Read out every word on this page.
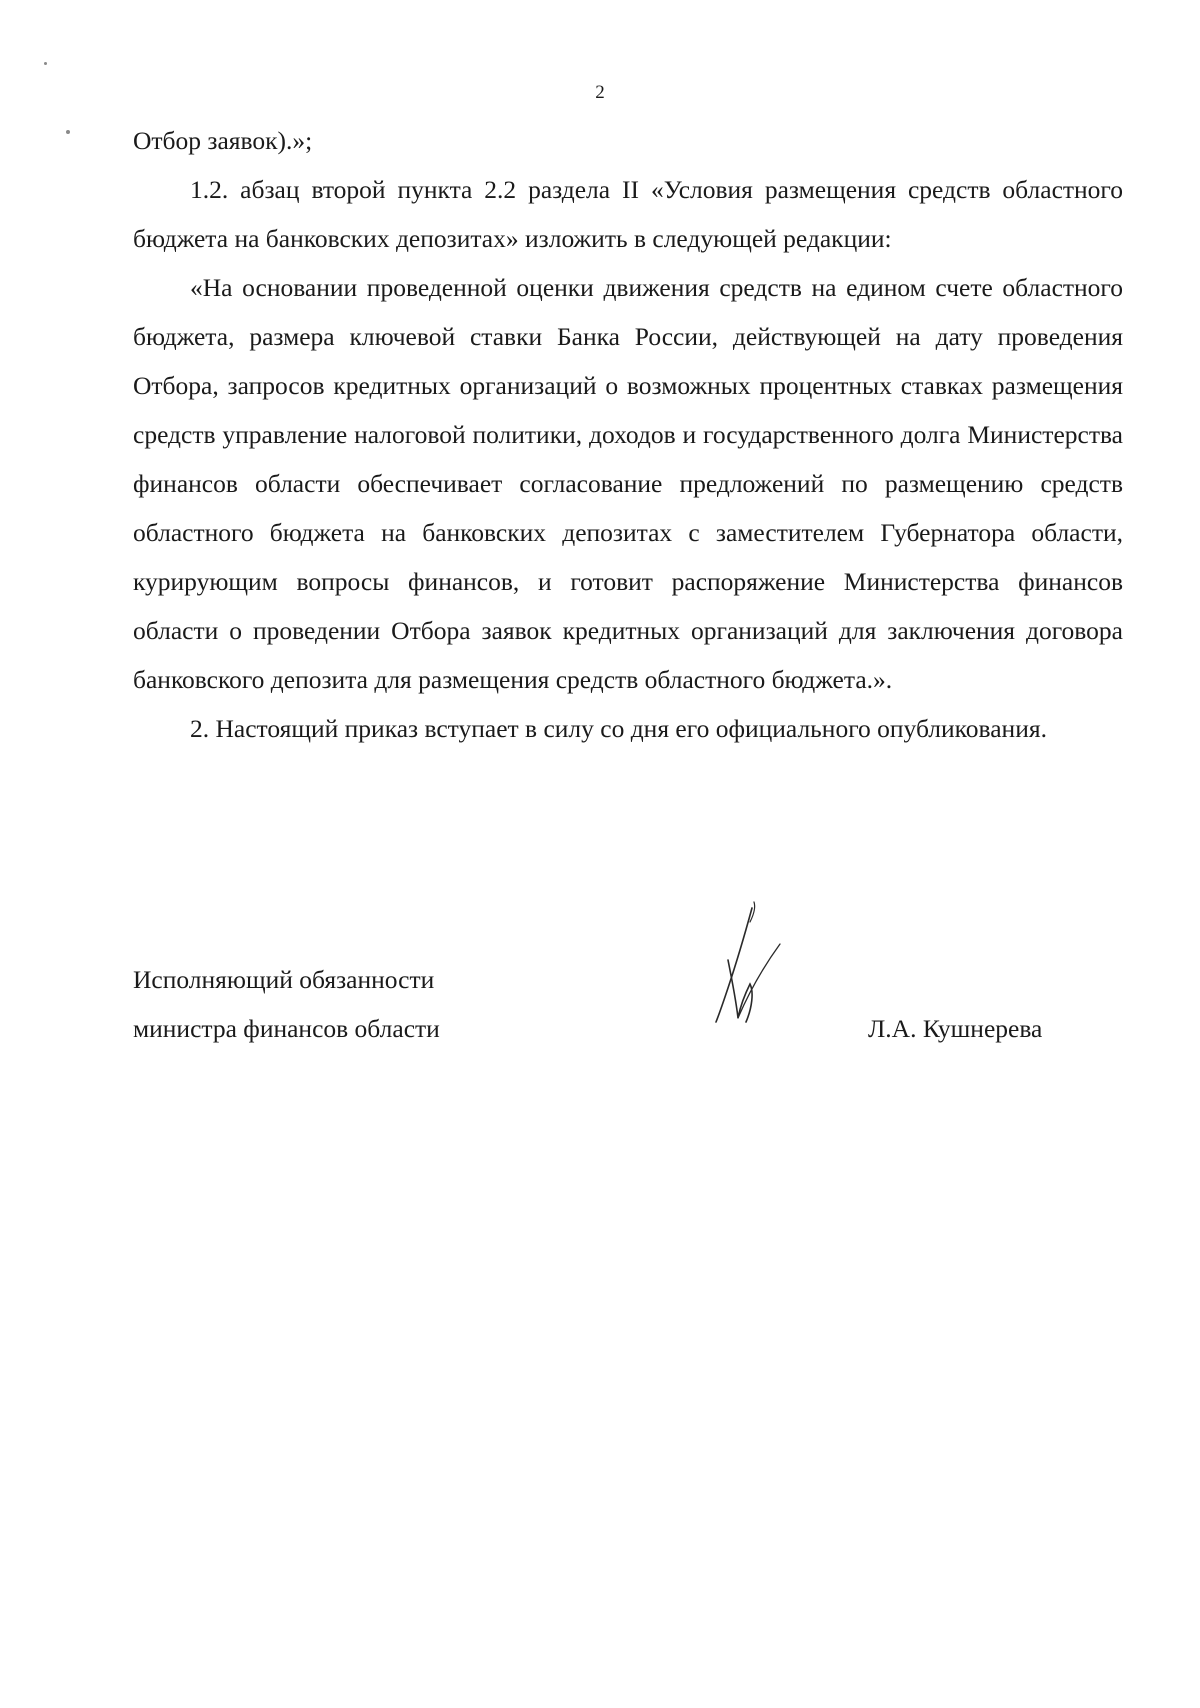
2

Отбор заявок).»;

1.2. абзац второй пункта 2.2 раздела II «Условия размещения средств областного бюджета на банковских депозитах» изложить в следующей редакции:

«На основании проведенной оценки движения средств на едином счете областного бюджета, размера ключевой ставки Банка России, действующей на дату проведения Отбора, запросов кредитных организаций о возможных процентных ставках размещения средств управление налоговой политики, доходов и государственного долга Министерства финансов области обеспечивает согласование предложений по размещению средств областного бюджета на банковских депозитах с заместителем Губернатора области, курирующим вопросы финансов, и готовит распоряжение Министерства финансов области о проведении Отбора заявок кредитных организаций для заключения договора банковского депозита для размещения средств областного бюджета.».

2. Настоящий приказ вступает в силу со дня его официального опубликования.

Исполняющий обязанности
министра финансов области	Л.А. Кушнерева
